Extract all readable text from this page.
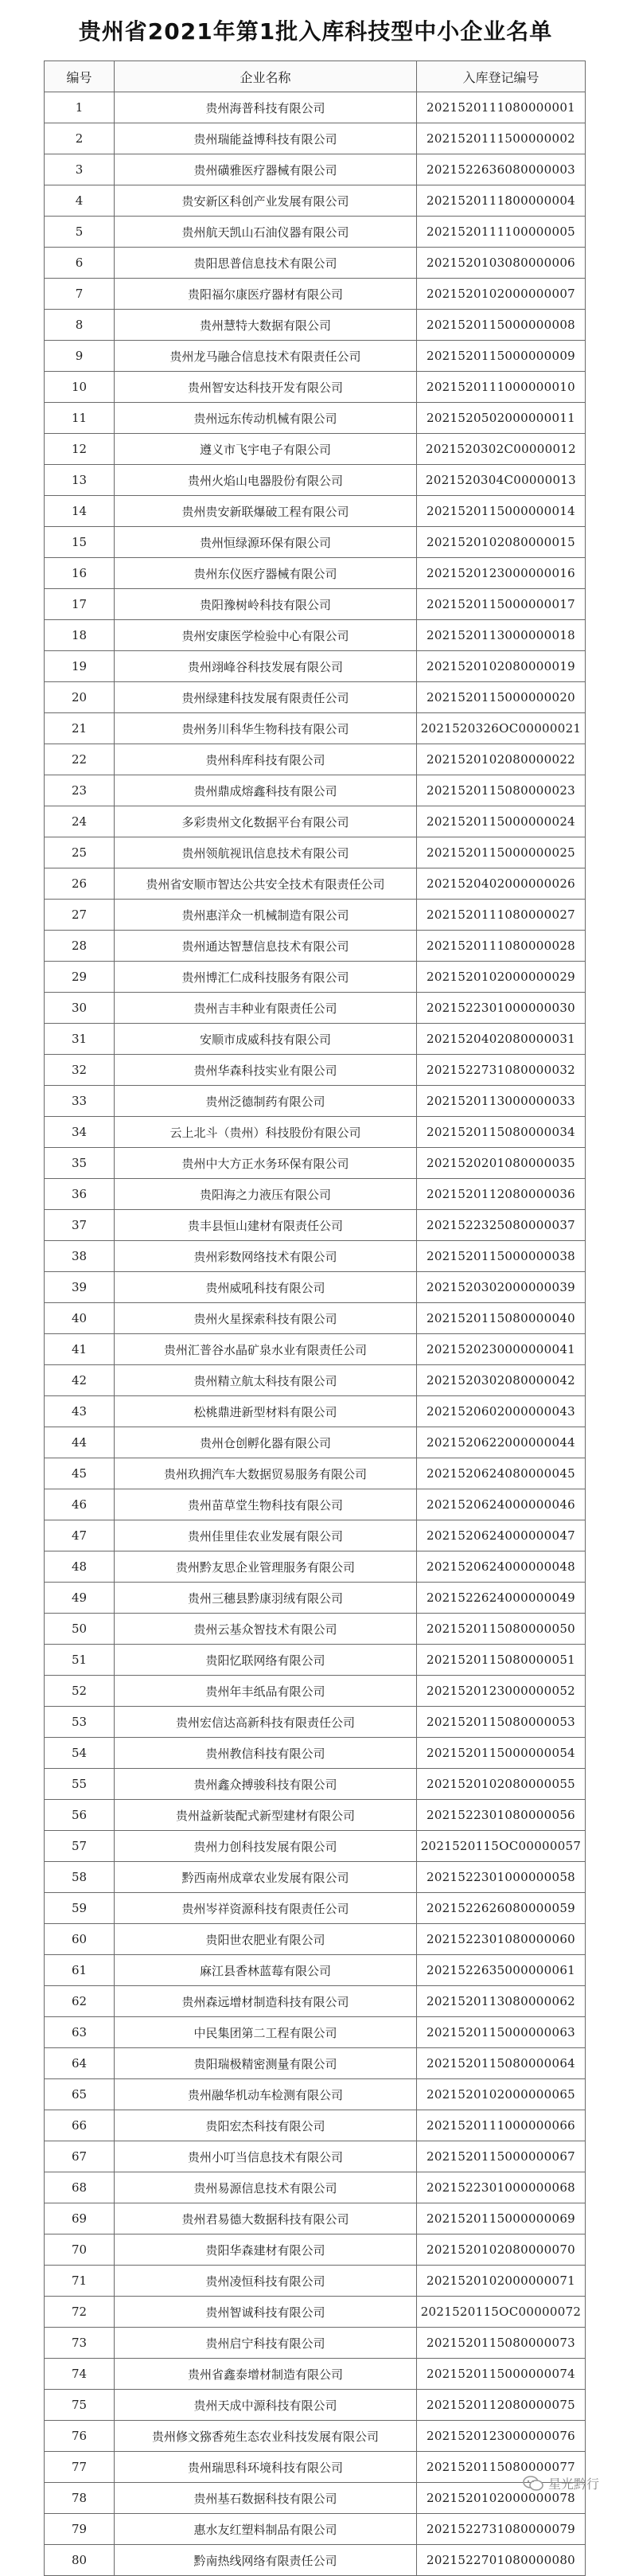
贵州省2021年第1批入库科技型中小企业名单
编号	企业名称	入库登记编号
1	贵州海普科技有限公司	2021520111080000001
2	贵州瑞能益博科技有限公司	2021520111500000002
3	贵州磺雅医疗器械有限公司	2021522636080000003
4	贵安新区科创产业发展有限公司	2021520111800000004
5	贵州航天凯山石油仪器有限公司	2021520111100000005
6	贵阳思普信息技术有限公司	2021520103080000006
7	贵阳福尔康医疗器材有限公司	2021520102000000007
8	贵州慧特大数据有限公司	2021520115000000008
9	贵州龙马融合信息技术有限责任公司	2021520115000000009
10	贵州智安达科技开发有限公司	2021520111000000010
11	贵州远东传动机械有限公司	2021520502000000011
12	遵义市飞宇电子有限公司	2021520302C00000012
13	贵州火焰山电器股份有限公司	2021520304C00000013
14	贵州贵安新联爆破工程有限公司	2021520115000000014
15	贵州恒绿源环保有限公司	2021520102080000015
16	贵州东仪医疗器械有限公司	2021520123000000016
17	贵阳豫树岭科技有限公司	2021520115000000017
18	贵州安康医学检验中心有限公司	2021520113000000018
19	贵州翊峰谷科技发展有限公司	2021520102080000019
20	贵州绿建科技发展有限责任公司	2021520115000000020
21	贵州务川科华生物科技有限公司	2021520326OC00000021
22	贵州科库科技有限公司	2021520102080000022
23	贵州鼎成熔鑫科技有限公司	2021520115080000023
24	多彩贵州文化数据平台有限公司	2021520115000000024
25	贵州领航视讯信息技术有限公司	2021520115000000025
26	贵州省安顺市智达公共安全技术有限责任公司	2021520402000000026
27	贵州惠洋众一机械制造有限公司	2021520111080000027
28	贵州通达智慧信息技术有限公司	2021520111080000028
29	贵州博汇仁成科技服务有限公司	2021520102000000029
30	贵州吉丰种业有限责任公司	2021522301000000030
31	安顺市成威科技有限公司	2021520402080000031
32	贵州华森科技实业有限公司	2021522731080000032
33	贵州泛德制药有限公司	2021520113000000033
34	云上北斗（贵州）科技股份有限公司	2021520115080000034
35	贵州中大方正水务环保有限公司	2021520201080000035
36	贵阳海之力液压有限公司	2021520112080000036
37	贵丰县恒山建材有限责任公司	2021522325080000037
38	贵州彩数网络技术有限公司	2021520115000000038
39	贵州威吼科技有限公司	2021520302000000039
40	贵州火星探索科技有限公司	2021520115080000040
41	贵州汇普谷水晶矿泉水业有限责任公司	2021520230000000041
42	贵州精立航太科技有限公司	2021520302080000042
43	松桃鼎进新型材料有限公司	2021520602000000043
44	贵州仓创孵化器有限公司	2021520622000000044
45	贵州玖拥汽车大数据贸易服务有限公司	2021520624080000045
46	贵州苗草堂生物科技有限公司	2021520624000000046
47	贵州佳里佳农业发展有限公司	2021520624000000047
48	贵州黔友思企业管理服务有限公司	2021520624000000048
49	贵州三穗县黔康羽绒有限公司	2021522624000000049
50	贵州云基众智技术有限公司	2021520115080000050
51	贵阳忆联网络有限公司	2021520115080000051
52	贵州年丰纸品有限公司	2021520123000000052
53	贵州宏信达高新科技有限责任公司	2021520115080000053
54	贵州教信科技有限公司	2021520115000000054
55	贵州鑫众搏骏科技有限公司	2021520102080000055
56	贵州益新装配式新型建材有限公司	2021522301080000056
57	贵州力创科技发展有限公司	2021520115OC00000057
58	黔西南州成章农业发展有限公司	2021522301000000058
59	贵州岑祥资源科技有限责任公司	2021522626080000059
60	贵阳世农肥业有限公司	2021522301080000060
61	麻江县香林蓝莓有限公司	2021522635000000061
62	贵州森远增材制造科技有限公司	2021520113080000062
63	中民集团第二工程有限公司	2021520115000000063
64	贵阳瑞极精密测量有限公司	2021520115080000064
65	贵州融华机动车检测有限公司	2021520102000000065
66	贵阳宏杰科技有限公司	2021520111000000066
67	贵州小叮当信息技术有限公司	2021520115000000067
68	贵州易源信息技术有限公司	2021522301000000068
69	贵州君易德大数据科技有限公司	2021520115000000069
70	贵阳华森建材有限公司	2021520102080000070
71	贵州凌恒科技有限公司	2021520102000000071
72	贵州智诚科技有限公司	2021520115OC00000072
73	贵州启宁科技有限公司	2021520115080000073
74	贵州省鑫泰增材制造有限公司	2021520115000000074
75	贵州天成中源科技有限公司	2021520112080000075
76	贵州修文猕香苑生态农业科技发展有限公司	2021520123000000076
77	贵州瑞思科环境科技有限公司	2021520115080000077
78	贵州基石数据科技有限公司	2021520102000000078
79	惠水友红塑料制品有限公司	2021522731080000079
80	黔南热线网络有限责任公司	2021522701080000080
星光黔行
